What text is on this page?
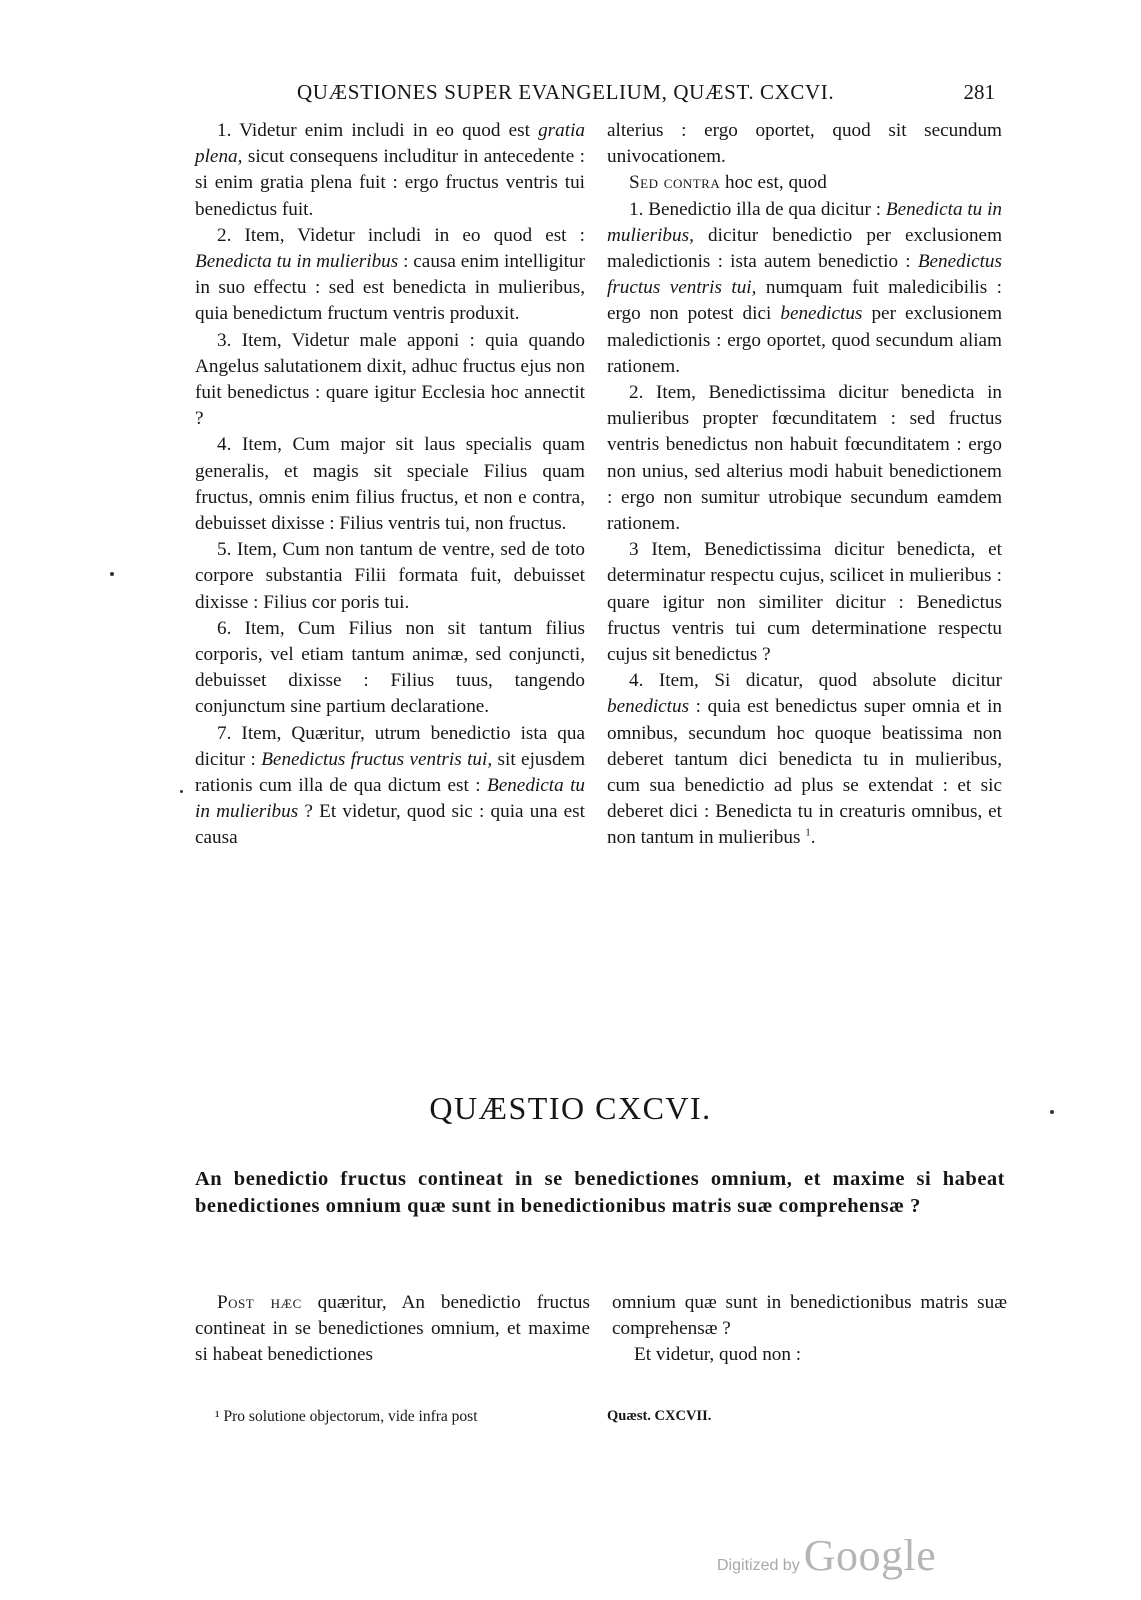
QUÆSTIONES SUPER EVANGELIUM, QUÆST. CXCVI.	281

1. Videtur enim includi in eo quod est gratia plena, sicut consequens includitur in antecedente : si enim gratia plena fuit : ergo fructus ventris tui benedictus fuit.

2. Item, Videtur includi in eo quod est : Benedicta tu in mulieribus : causa enim intelligitur in suo effectu : sed est benedicta in mulieribus, quia benedictum fructum ventris produxit.

3. Item, Videtur male apponi : quia quando Angelus salutationem dixit, adhuc fructus ejus non fuit benedictus : quare igitur Ecclesia hoc annectit ?

4. Item, Cum major sit laus specialis quam generalis, et magis sit speciale Filius quam fructus, omnis enim filius fructus, et non e contra, debuisset dixisse : Filius ventris tui, non fructus.

5. Item, Cum non tantum de ventre, sed de toto corpore substantia Filii formata fuit, debuisset dixisse : Filius cor poris tui.

6. Item, Cum Filius non sit tantum filius corporis, vel etiam tantum animæ, sed conjuncti, debuisset dixisse : Filius tuus, tangendo conjunctum sine partium declaratione.

7. Item, Quæritur, utrum benedictio ista qua dicitur : Benedictus fructus ventris tui, sit ejusdem rationis cum illa de qua dictum est : Benedicta tu in mulieribus ? Et videtur, quod sic : quia una est causa

alterius : ergo oportet, quod sit secundum univocationem.

Sed contra hoc est, quod

1. Benedictio illa de qua dicitur : Benedicta tu in mulieribus, dicitur benedictio per exclusionem maledictionis : ista autem benedictio : Benedictus fructus ventris tui, numquam fuit maledicibilis : ergo non potest dici benedictus per exclusionem maledictionis : ergo oportet, quod secundum aliam rationem.

2. Item, Benedictissima dicitur benedicta in mulieribus propter fœcunditatem : sed fructus ventris benedictus non habuit fœcunditatem : ergo non unius, sed alterius modi habuit benedictionem : ergo non sumitur utrobique secundum eamdem rationem.

3 Item, Benedictissima dicitur benedicta, et determinatur respectu cujus, scilicet in mulieribus : quare igitur non similiter dicitur : Benedictus fructus ventris tui cum determinatione respectu cujus sit benedictus ?

4. Item, Si dicatur, quod absolute dicitur benedictus : quia est benedictus super omnia et in omnibus, secundum hoc quoque beatissima non deberet tantum dici benedicta tu in mulieribus, cum sua benedictio ad plus se extendat : et sic deberet dici : Benedicta tu in creaturis omnibus, et non tantum in mulieribus $^1$.

QUÆSTIO CXCVI.
An benedictio fructus contineat in se benedictiones omnium, et maxime si habeat benedictiones omnium quæ sunt in benedictionibus matris suæ comprehensæ ?

Post hæc quæritur, An benedictio fructus contineat in se benedictiones omnium, et maxime si habeat benedictiones

omnium quæ sunt in benedictionibus matris suæ comprehensæ ?

Et videtur, quod non :

¹ Pro solutione objectorum, vide infra post	Quæst. CXCVII.
Digitized by Google
